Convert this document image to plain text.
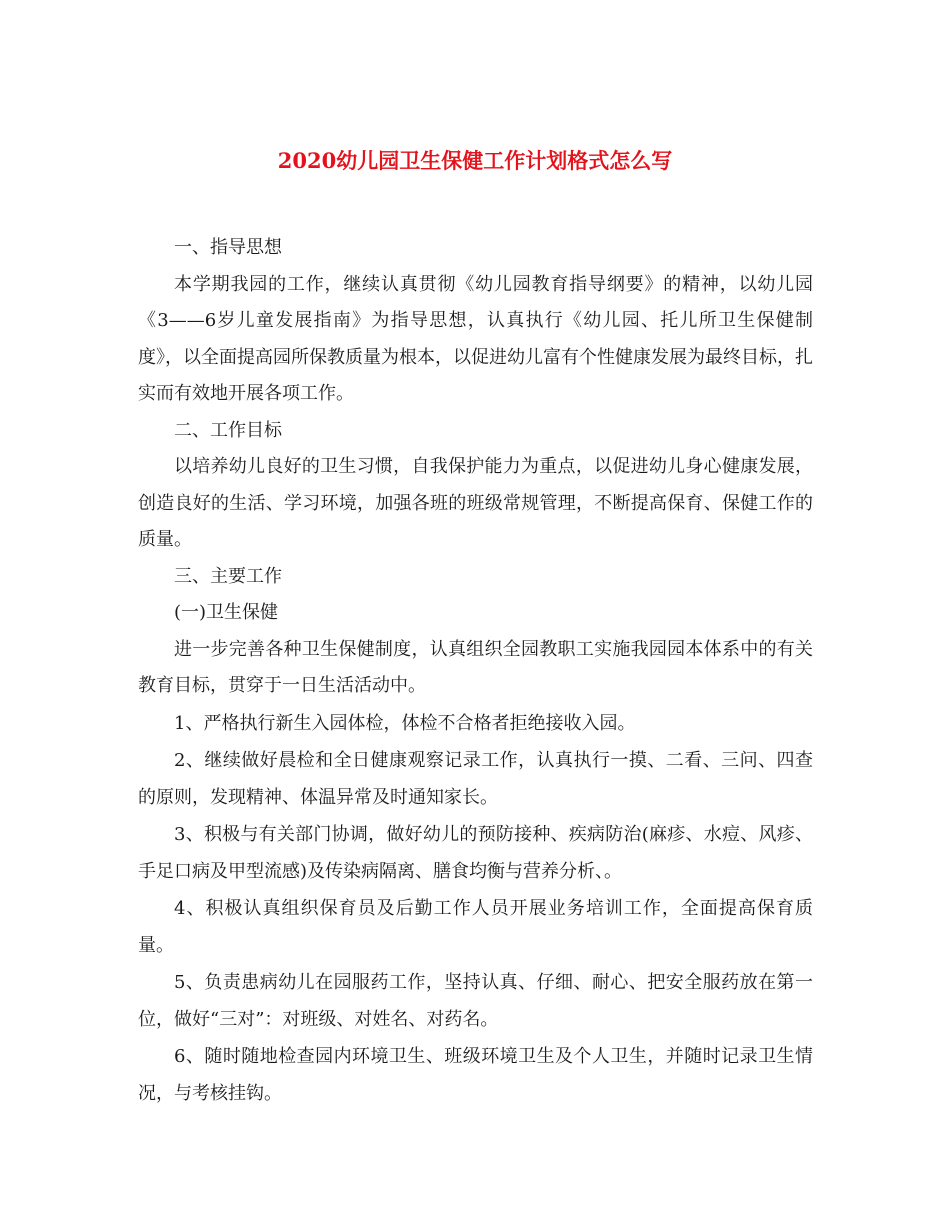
2020幼儿园卫生保健工作计划格式怎么写

一、指导思想

本学期我园的工作，继续认真贯彻《幼儿园教育指导纲要》的精神，以幼儿园《3——6岁儿童发展指南》为指导思想，认真执行《幼儿园、托儿所卫生保健制度》，以全面提高园所保教质量为根本，以促进幼儿富有个性健康发展为最终目标，扎实而有效地开展各项工作。

二、工作目标

以培养幼儿良好的卫生习惯，自我保护能力为重点，以促进幼儿身心健康发展，创造良好的生活、学习环境，加强各班的班级常规管理，不断提高保育、保健工作的质量。

三、主要工作

(一)卫生保健

进一步完善各种卫生保健制度，认真组织全园教职工实施我园园本体系中的有关教育目标，贯穿于一日生活活动中。

1、严格执行新生入园体检，体检不合格者拒绝接收入园。

2、继续做好晨检和全日健康观察记录工作，认真执行一摸、二看、三问、四查的原则，发现精神、体温异常及时通知家长。

3、积极与有关部门协调，做好幼儿的预防接种、疾病防治(麻疹、水痘、风疹、手足口病及甲型流感)及传染病隔离、膳食均衡与营养分析、。

4、积极认真组织保育员及后勤工作人员开展业务培训工作，全面提高保育质量。

5、负责患病幼儿在园服药工作，坚持认真、仔细、耐心、把安全服药放在第一位，做好“三对”：对班级、对姓名、对药名。

6、随时随地检查园内环境卫生、班级环境卫生及个人卫生，并随时记录卫生情况，与考核挂钩。
